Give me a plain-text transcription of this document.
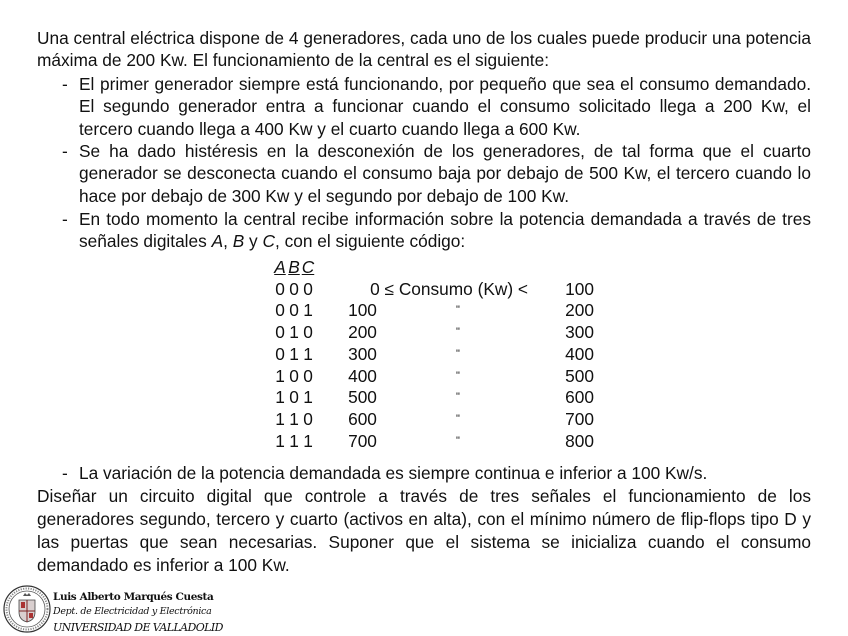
Una central eléctrica dispone de 4 generadores, cada uno de los cuales puede producir una potencia máxima de 200 Kw. El funcionamiento de la central es el siguiente:
- El primer generador siempre está funcionando, por pequeño que sea el consumo demandado. El segundo generador entra a funcionar cuando el consumo solicitado llega a 200 Kw, el tercero cuando llega a 400 Kw y el cuarto cuando llega a 600 Kw.
- Se ha dado histéresis en la desconexión de los generadores, de tal forma que el cuarto generador se desconecta cuando el consumo baja por debajo de 500 Kw, el tercero cuando lo hace por debajo de 300 Kw y el segundo por debajo de 100 Kw.
- En todo momento la central recibe información sobre la potencia demandada a través de tres señales digitales A, B y C, con el siguiente código:
A	B	C			
0	0	0	0 ≤ Consumo (Kw) <		100
0	0	1	100	"	200
0	1	0	200	"	300
0	1	1	300	"	400
1	0	0	400	"	500
1	0	1	500	"	600
1	1	0	600	"	700
1	1	1	700	"	800
- La variación de la potencia demandada es siempre continua e inferior a 100 Kw/s.
Diseñar un circuito digital que controle a través de tres señales el funcionamiento de los generadores segundo, tercero y cuarto (activos en alta), con el mínimo número de flip-flops tipo D y las puertas que sean necesarias. Suponer que el sistema se inicializa cuando el consumo demandado es inferior a 100 Kw.
Luis Alberto Marqués Cuesta
Dept. de Electricidad y Electrónica
UNIVERSIDAD DE VALLADOLID
